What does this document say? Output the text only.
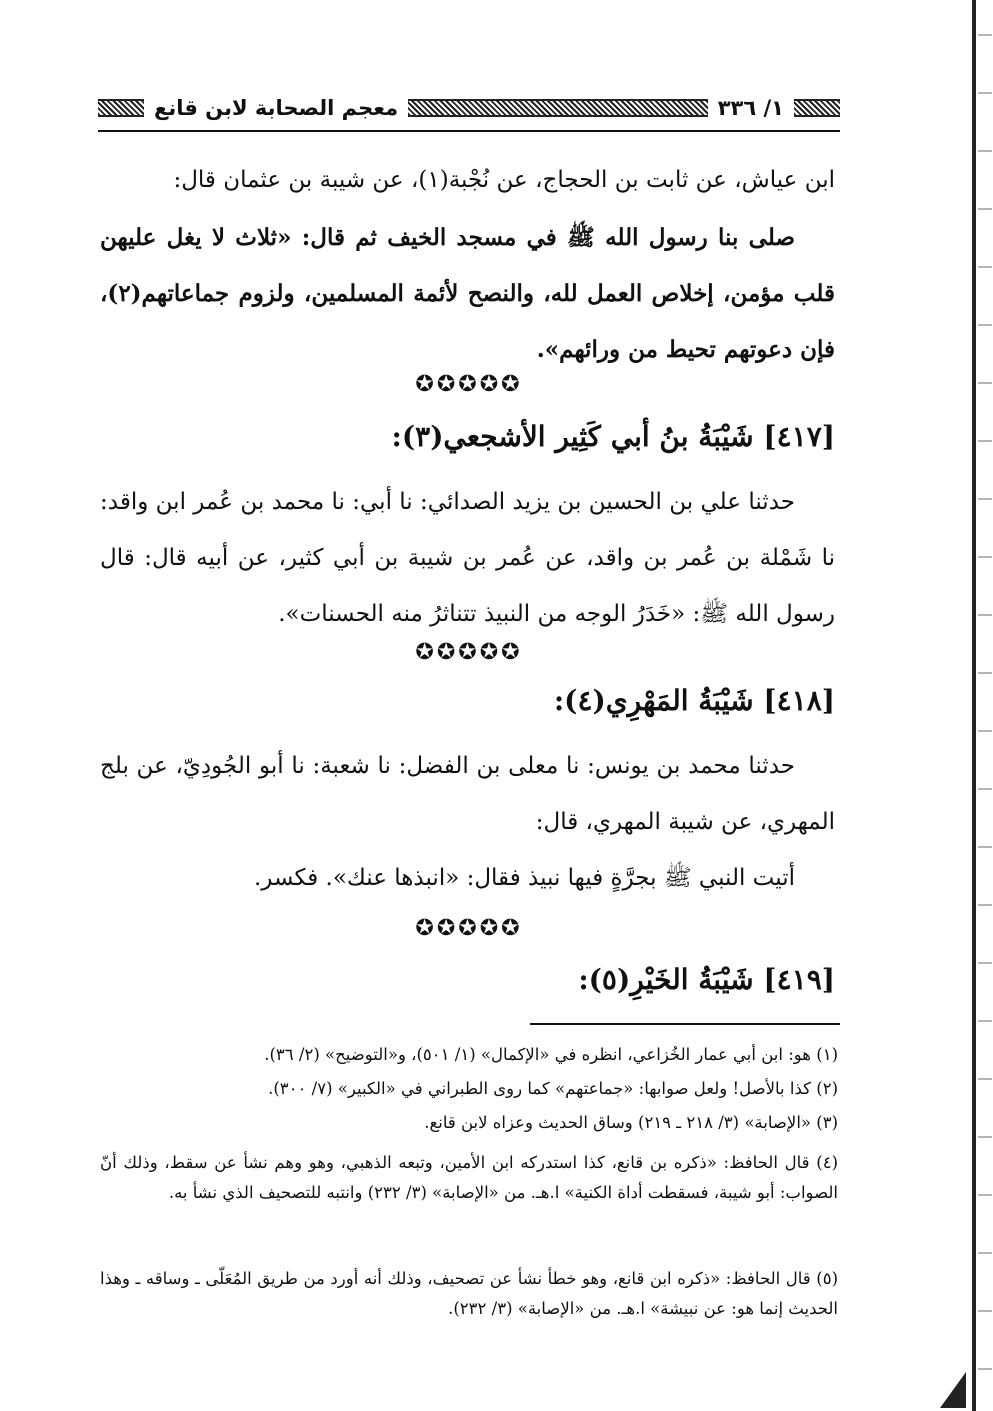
١/ ٣٣٦
معجم الصحابة لابن قانع

ابن عياش، عن ثابت بن الحجاج، عن نُجْبة(١)، عن شيبة بن عثمان قال:

صلى بنا رسول الله ﷺ في مسجد الخيف ثم قال: «ثلاث لا يغل عليهن قلب مؤمن، إخلاص العمل لله، والنصح لأئمة المسلمين، ولزوم جماعاتهم(٢)، فإن دعوتهم تحيط من ورائهم».

✪✪✪✪✪

[٤١٧] شَيْبَةُ بنُ أبي كَثِير الأشجعي(٣):

حدثنا علي بن الحسين بن يزيد الصدائي: نا أبي: نا محمد بن عُمر ابن واقد: نا شَمْلة بن عُمر بن واقد، عن عُمر بن شيبة بن أبي كثير، عن أبيه قال: قال رسول الله ﷺ: «خَدَرُ الوجه من النبيذ تتناثرُ منه الحسنات».

✪✪✪✪✪

[٤١٨] شَيْبَةُ المَهْرِي(٤):

حدثنا محمد بن يونس: نا معلى بن الفضل: نا شعبة: نا أبو الجُودِيّ، عن بلج المهري، عن شيبة المهري، قال:

أتيت النبي ﷺ بجرَّةٍ فيها نبيذ فقال: «انبذها عنك». فكسر.

✪✪✪✪✪

[٤١٩] شَيْبَةُ الخَيْرِ(٥):

(١) هو: ابن أبي عمار الخُزاعي، انظره في «الإكمال» (١/ ٥٠١)، و«التوضيح» (٢/ ٣٦).

(٢) كذا بالأصل! ولعل صوابها: «جماعتهم» كما روى الطبراني في «الكبير» (٧/ ٣٠٠).

(٣) «الإصابة» (٣/ ٢١٨ ـ ٢١٩) وساق الحديث وعزاه لابن قانع.

(٤) قال الحافظ: «ذكره بن قانع، كذا استدركه ابن الأمين، وتبعه الذهبي، وهو وهم نشأ عن سقط، وذلك أنّ الصواب: أبو شيبة، فسقطت أداة الكنية» ا.هـ. من «الإصابة» (٣/ ٢٣٢) وانتبه للتصحيف الذي نشأ به.

(٥) قال الحافظ: «ذكره ابن قانع، وهو خطأ نشأ عن تصحيف، وذلك أنه أورد من طريق المُعَلّى ـ وساقه ـ وهذا الحديث إنما هو: عن نبيشة» ا.هـ. من «الإصابة» (٣/ ٢٣٢).
